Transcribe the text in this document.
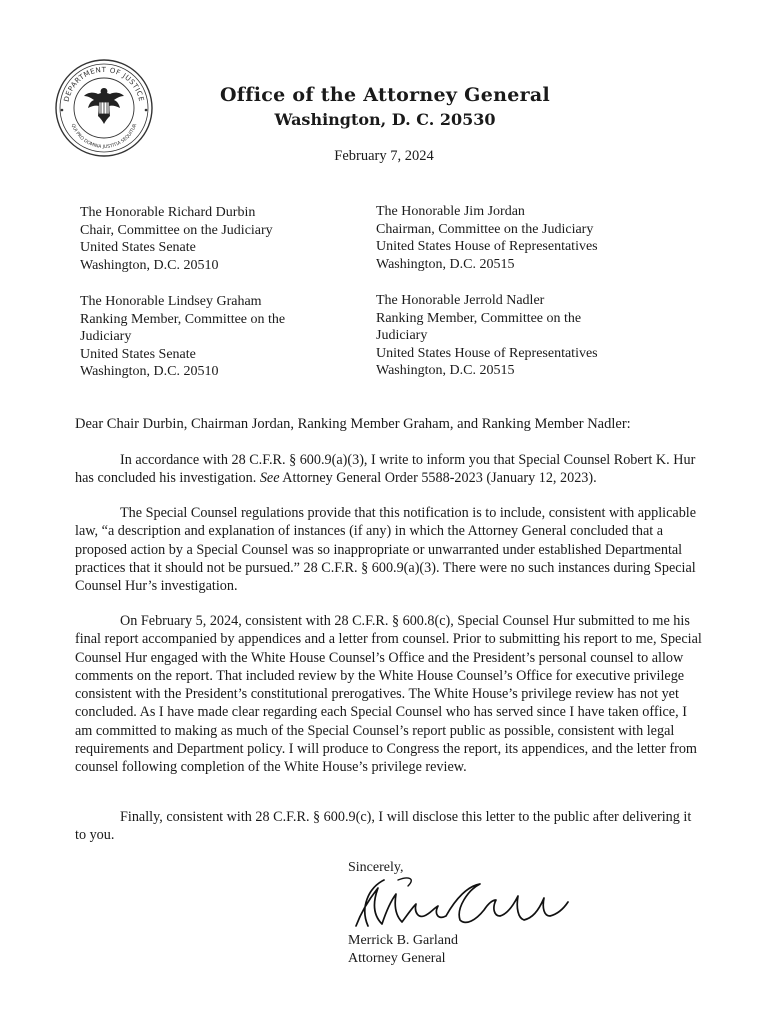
DEPARTMENT OF JUSTICE
QUI PRO DOMINA JUSTITIA SEQUITUR
Office of the Attorney General
Washington, D. C. 20530
February 7, 2024
The Honorable Richard Durbin
Chair, Committee on the Judiciary
United States Senate
Washington, D.C. 20510
The Honorable Jim Jordan
Chairman, Committee on the Judiciary
United States House of Representatives
Washington, D.C. 20515
The Honorable Lindsey Graham
Ranking Member, Committee on the
Judiciary
United States Senate
Washington, D.C. 20510
The Honorable Jerrold Nadler
Ranking Member, Committee on the
Judiciary
United States House of Representatives
Washington, D.C. 20515
Dear Chair Durbin, Chairman Jordan, Ranking Member Graham, and Ranking Member Nadler:

In accordance with 28 C.F.R. § 600.9(a)(3), I write to inform you that Special Counsel Robert K. Hur has concluded his investigation. See Attorney General Order 5588-2023 (January 12, 2023).

The Special Counsel regulations provide that this notification is to include, consistent with applicable law, “a description and explanation of instances (if any) in which the Attorney General concluded that a proposed action by a Special Counsel was so inappropriate or unwarranted under established Departmental practices that it should not be pursued.” 28 C.F.R. § 600.9(a)(3). There were no such instances during Special Counsel Hur’s investigation.

On February 5, 2024, consistent with 28 C.F.R. § 600.8(c), Special Counsel Hur submitted to me his final report accompanied by appendices and a letter from counsel. Prior to submitting his report to me, Special Counsel Hur engaged with the White House Counsel’s Office and the President’s personal counsel to allow comments on the report. That included review by the White House Counsel’s Office for executive privilege consistent with the President’s constitutional prerogatives. The White House’s privilege review has not yet concluded. As I have made clear regarding each Special Counsel who has served since I have taken office, I am committed to making as much of the Special Counsel’s report public as possible, consistent with legal requirements and Department policy. I will produce to Congress the report, its appendices, and the letter from counsel following completion of the White House’s privilege review.

Finally, consistent with 28 C.F.R. § 600.9(c), I will disclose this letter to the public after delivering it to you.

Sincerely,
Merrick B. Garland
Attorney General
